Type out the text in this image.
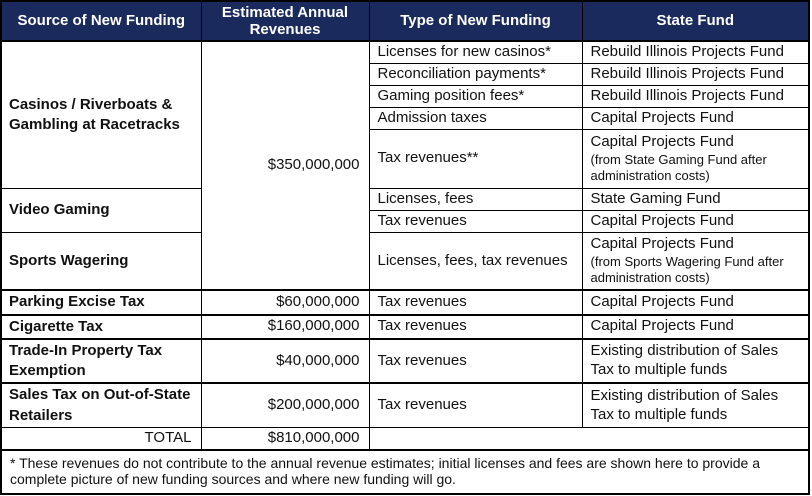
Source of New Funding	Estimated Annual Revenues	Type of New Funding	State Fund
Casinos / Riverboats & Gambling at Racetracks	$350,000,000	Licenses for new casinos*	Rebuild Illinois Projects Fund
		Reconciliation payments*	Rebuild Illinois Projects Fund
		Gaming position fees*	Rebuild Illinois Projects Fund
		Admission taxes	Capital Projects Fund
		Tax revenues**	Capital Projects Fund
(from State Gaming Fund after administration costs)

Video Gaming		Licenses, fees	State Gaming Fund
		Tax revenues	Capital Projects Fund
Sports Wagering		Licenses, fees, tax revenues	Capital Projects Fund
(from Sports Wagering Fund after administration costs)

Parking Excise Tax	$60,000,000	Tax revenues	Capital Projects Fund
Cigarette Tax	$160,000,000	Tax revenues	Capital Projects Fund
Trade-In Property Tax Exemption	$40,000,000	Tax revenues	Existing distribution of Sales Tax to multiple funds
Sales Tax on Out-of-State Retailers	$200,000,000	Tax revenues	Existing distribution of Sales Tax to multiple funds
TOTAL	$810,000,000		
* These revenues do not contribute to the annual revenue estimates; initial licenses and fees are shown here to provide a complete picture of new funding sources and where new funding will go.			
